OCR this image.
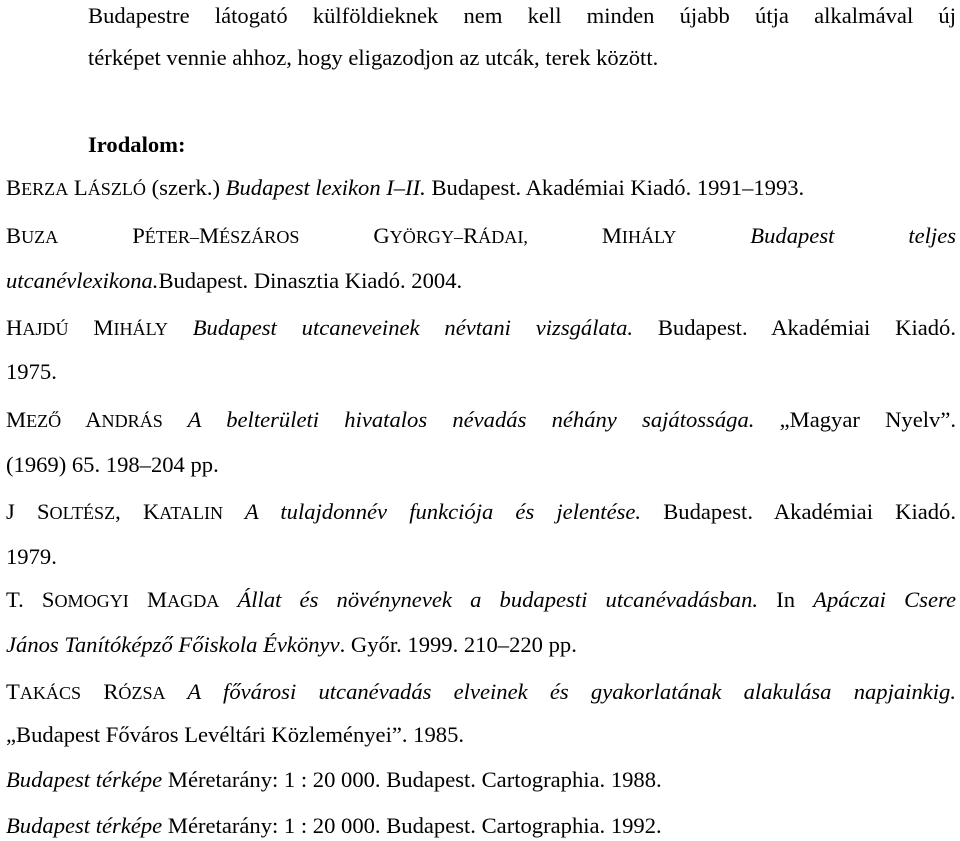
Budapestre látogató külföldieknek nem kell minden újabb útja alkalmával új
térképet vennie ahhoz, hogy eligazodjon az utcák, terek között.
Irodalom:
BERZA LÁSZLÓ (szerk.) Budapest lexikon I–II. Budapest. Akadémiai Kiadó. 1991–1993.
BUZA	PÉTER–MÉSZÁROS	GYÖRGY–RÁDAI,	MIHÁLY	Budapest	teljes
utcanévlexikona.Budapest. Dinasztia Kiadó. 2004.
HAJDÚ MIHÁLY Budapest utcaneveinek névtani vizsgálata. Budapest. Akadémiai Kiadó.
1975.
MEZŐ ANDRÁS A belterületi hivatalos névadás néhány sajátossága. „Magyar Nyelv”.
(1969) 65. 198–204 pp.
J SOLTÉSZ, KATALIN A tulajdonnév funkciója és jelentése. Budapest. Akadémiai Kiadó.
1979.
T. SOMOGYI MAGDA Állat és növénynevek a budapesti utcanévadásban. In Apáczai Csere
János Tanítóképző Főiskola Évkönyv. Győr. 1999. 210–220 pp.
TAKÁCS RÓZSA A fővárosi utcanévadás elveinek és gyakorlatának alakulása napjainkig.
„Budapest Főváros Levéltári Közleményei”. 1985.
Budapest térképe Méretarány: 1 : 20 000. Budapest. Cartographia. 1988.
Budapest térképe Méretarány: 1 : 20 000. Budapest. Cartographia. 1992.
